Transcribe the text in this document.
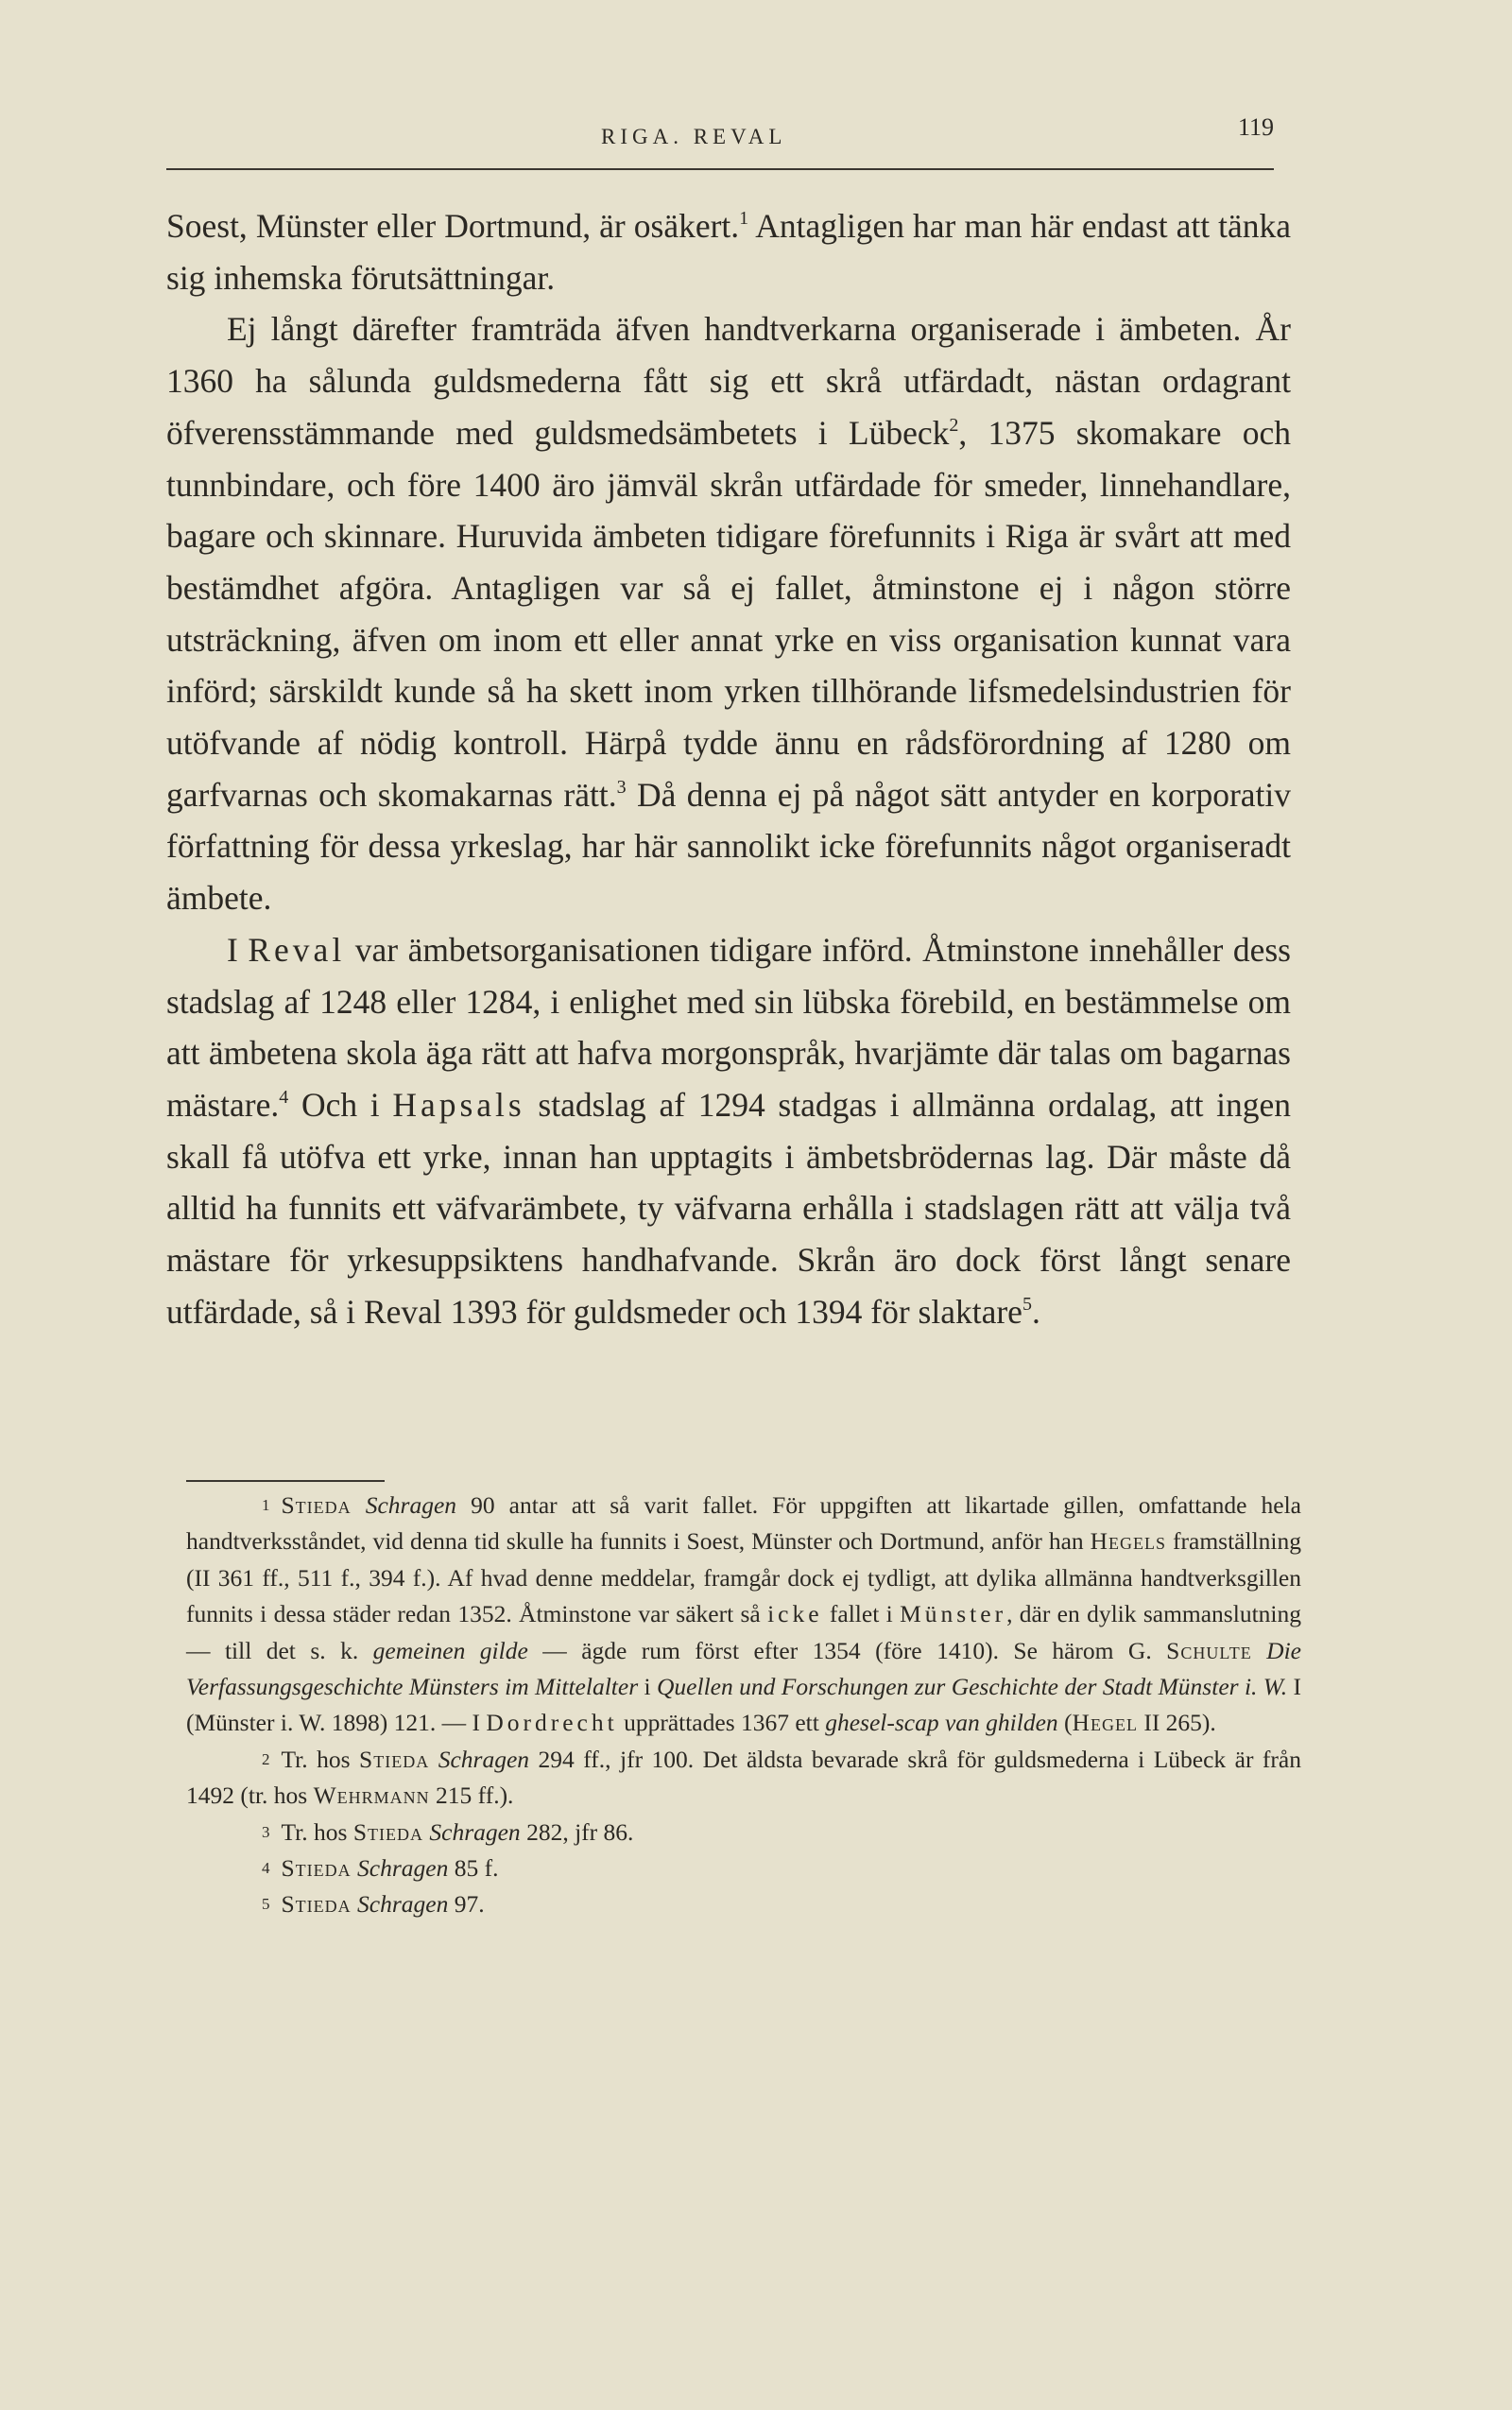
RIGA. REVAL	119

Soest, Münster eller Dortmund, är osäkert.$^1$ Antagligen har man här endast att tänka sig inhemska förutsättningar.

Ej långt därefter framträda äfven handtverkarna organiserade i ämbeten. År 1360 ha sålunda guldsmederna fått sig ett skrå utfärdadt, nästan ordagrant öfverensstämmande med guldsmedsämbetets i Lübeck$^2$, 1375 skomakare och tunnbindare, och före 1400 äro jämväl skrån utfärdade för smeder, linnehandlare, bagare och skinnare. Huruvida ämbeten tidigare förefunnits i Riga är svårt att med bestämdhet afgöra. Antagligen var så ej fallet, åtminstone ej i någon större utsträckning, äfven om inom ett eller annat yrke en viss organisation kunnat vara införd; särskildt kunde så ha skett inom yrken tillhörande lifsmedelsindustrien för utöfvande af nödig kontroll. Härpå tydde ännu en rådsförordning af 1280 om garfvarnas och skomakarnas rätt.$^3$ Då denna ej på något sätt antyder en korporativ författning för dessa yrkeslag, har här sannolikt icke förefunnits något organiseradt ämbete.

I Reval var ämbetsorganisationen tidigare införd. Åtminstone innehåller dess stadslag af 1248 eller 1284, i enlighet med sin lübska förebild, en bestämmelse om att ämbetena skola äga rätt att hafva morgonspråk, hvarjämte där talas om bagarnas mästare.$^4$ Och i Hapsals stadslag af 1294 stadgas i allmänna ordalag, att ingen skall få utöfva ett yrke, innan han upptagits i ämbetsbrödernas lag. Där måste då alltid ha funnits ett väfvarämbete, ty väfvarna erhålla i stadslagen rätt att välja två mästare för yrkesuppsiktens handhafvande. Skrån äro dock först långt senare utfärdade, så i Reval 1393 för guldsmeder och 1394 för slaktare$^5$.

1 Stieda Schragen 90 antar att så varit fallet. För uppgiften att likartade gillen, omfattande hela handtverksståndet, vid denna tid skulle ha funnits i Soest, Münster och Dortmund, anför han Hegels framställning (II 361 ff., 511 f., 394 f.). Af hvad denne meddelar, framgår dock ej tydligt, att dylika allmänna handtverksgillen funnits i dessa städer redan 1352. Åtminstone var säkert så icke fallet i Münster, där en dylik sammanslutning — till det s. k. gemeinen gilde — ägde rum först efter 1354 (före 1410). Se härom G. Schulte Die Verfassungsgeschichte Münsters im Mittelalter i Quellen und Forschungen zur Geschichte der Stadt Münster i. W. I (Münster i. W. 1898) 121. — I Dordrecht upprättades 1367 ett ghesel-scap van ghilden (Hegel II 265).

2 Tr. hos Stieda Schragen 294 ff., jfr 100. Det äldsta bevarade skrå för guldsmederna i Lübeck är från 1492 (tr. hos Wehrmann 215 ff.).

3 Tr. hos Stieda Schragen 282, jfr 86.

4 Stieda Schragen 85 f.

5 Stieda Schragen 97.
